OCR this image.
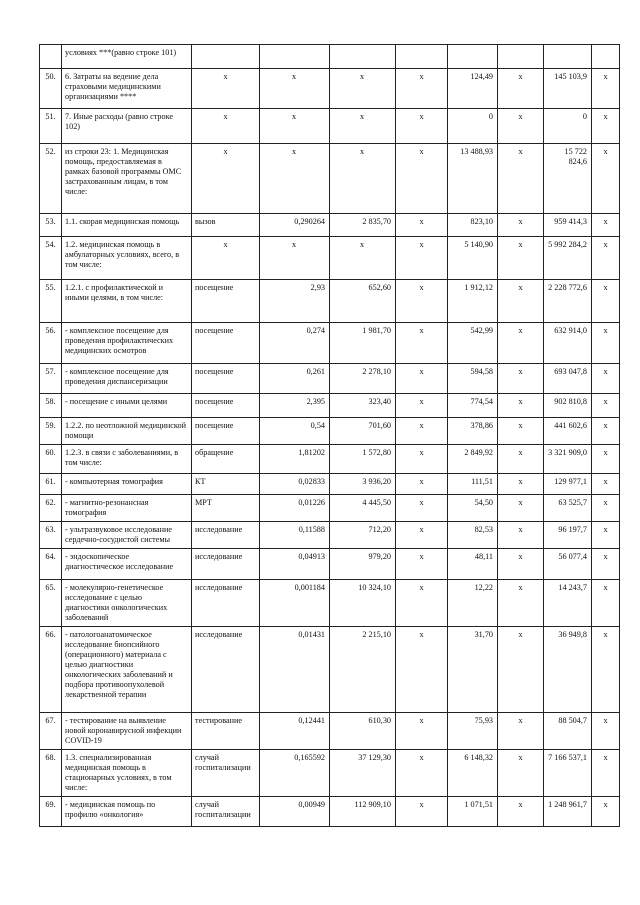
	условиях ***(равно строке 101)								
50.	6. Затраты на ведение дела страховыми медицинскими организациями ****	x	x	x	x	124,49	x	145 103,9	x
51.	7. Иные расходы (равно строке 102)	x	x	x	x	0	x	0	x
52.	из строки 23: 1. Медицинская помощь, предоставляемая в рамках базовой программы ОМС застрахованным лицам, в том числе:	x	x	x	x	13 488,93	x	15 722 824,6	x
53.	1.1. скорая медицинская помощь	вызов	0,290264	2 835,70	x	823,10	x	959 414,3	x
54.	1.2. медицинская помощь в амбулаторных условиях, всего, в том числе:	x	x	x	x	5 140,90	x	5 992 284,2	x
55.	1.2.1. с профилактической и иными целями, в том числе:	посещение	2,93	652,60	x	1 912,12	x	2 228 772,6	x
56.	- комплексное посещение для проведения профилактических медицинских осмотров	посещение	0,274	1 981,70	x	542,99	x	632 914,0	x
57.	- комплексное посещение для проведения диспансеризации	посещение	0,261	2 278,10	x	594,58	x	693 047,8	x
58.	- посещение с иными целями	посещение	2,395	323,40	x	774,54	x	902 810,8	x
59.	1.2.2. по неотложной медицинской помощи	посещение	0,54	701,60	x	378,86	x	441 602,6	x
60.	1.2.3. в связи с заболеваниями, в том числе:	обращение	1,81202	1 572,80	x	2 849,92	x	3 321 909,0	x
61.	- компьютерная томография	КТ	0,02833	3 936,20	x	111,51	x	129 977,1	x
62.	- магнитно-резонансная томография	МРТ	0,01226	4 445,50	x	54,50	x	63 525,7	x
63.	- ультразвуковое исследование сердечно-сосудистой системы	исследование	0,11588	712,20	x	82,53	x	96 197,7	x
64.	- эндоскопическое диагностическое исследование	исследование	0,04913	979,20	x	48,11	x	56 077,4	x
65.	- молекулярно-генетическое исследование с целью диагностики онкологических заболеваний	исследование	0,001184	10 324,10	x	12,22	x	14 243,7	x
66.	- патологоанатомическое исследование биопсийного (операционного) материала с целью диагностики онкологических заболеваний и подбора противоопухолевой лекарственной терапии	исследование	0,01431	2 215,10	x	31,70	x	36 949,8	x
67.	- тестирование на выявление новой коронавирусной инфекции COVID-19	тестирование	0,12441	610,30	x	75,93	x	88 504,7	x
68.	1.3. специализированная медицинская помощь в стационарных условиях, в том числе:	случай госпитализации	0,165592	37 129,30	x	6 148,32	x	7 166 537,1	x
69.	- медицинская помощь по профилю «онкология»	случай госпитализации	0,00949	112 909,10	x	1 071,51	x	1 248 961,7	x
